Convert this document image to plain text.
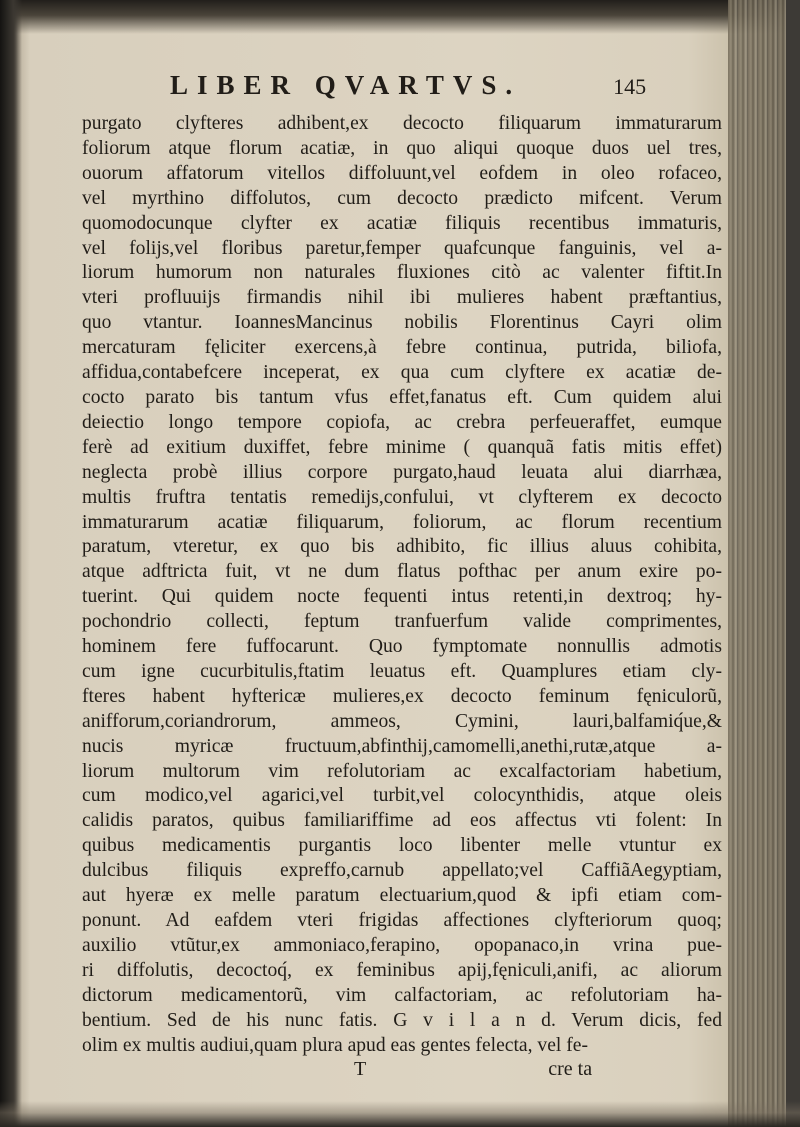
LIBER QVARTVS.	145
purgato clyfteres adhibent,ex decocto filiquarum immaturarum
foliorum atque florum acatiæ, in quo aliqui quoque duos uel tres,
ouorum affatorum vitellos diffoluunt,vel eofdem in oleo rofaceo,
vel myrthino diffolutos, cum decocto prædicto mifcent. Verum
quomodocunque clyfter ex acatiæ filiquis recentibus immaturis,
vel folijs,vel floribus paretur,femper quafcunque fanguinis, vel a-
liorum humorum non naturales fluxiones citò ac valenter fiftit.In
vteri profluuijs firmandis nihil ibi mulieres habent præftantius,
quo vtantur. IoannesMancinus nobilis Florentinus Cayri olim
mercaturam fęliciter exercens,à febre continua, putrida, biliofa,
affidua,contabefcere inceperat, ex qua cum clyftere ex acatiæ de-
cocto parato bis tantum vfus effet,fanatus eft. Cum quidem alui
deiectio longo tempore copiofa, ac crebra perfeueraffet, eumque
ferè ad exitium duxiffet, febre minime ( quanquã fatis mitis effet)
neglecta probè illius corpore purgato,haud leuata alui diarrhæa,
multis fruftra tentatis remedijs,confului, vt clyfterem ex decocto
immaturarum acatiæ filiquarum, foliorum, ac florum recentium
paratum, vteretur, ex quo bis adhibito, fic illius aluus cohibita,
atque adftricta fuit, vt ne dum flatus pofthac per anum exire po-
tuerint. Qui quidem nocte fequenti intus retenti,in dextroq; hy-
pochondrio collecti, feptum tranfuerfum valide comprimentes,
hominem fere fuffocarunt. Quo fymptomate nonnullis admotis
cum igne cucurbitulis,ftatim leuatus eft. Quamplures etiam cly-
fteres habent hyftericæ mulieres,ex decocto feminum fęniculorũ,
anifforum,coriandrorum, ammeos, Cymini, lauri,balfamiq́ue,&
nucis myricæ fructuum,abfinthij,camomelli,anethi,rutæ,atque a-
liorum multorum vim refolutoriam ac excalfactoriam habetium,
cum modico,vel agarici,vel turbit,vel colocynthidis, atque oleis
calidis paratos, quibus familiariffime ad eos affectus vti folent: In
quibus medicamentis purgantis loco libenter melle vtuntur ex
dulcibus filiquis expreffo,carnub appellato;vel CaffiãAegyptiam,
aut hyeræ ex melle paratum electuarium,quod & ipfi etiam com-
ponunt. Ad eafdem vteri frigidas affectiones clyfteriorum quoq;
auxilio vtũtur,ex ammoniaco,ferapino, opopanaco,in vrina pue-
ri diffolutis, decoctoq́, ex feminibus apij,fęniculi,anifi, ac aliorum
dictorum medicamentorũ, vim calfactoriam, ac refolutoriam ha-
bentium. Sed de his nunc fatis. G v i l a n d. Verum dicis, fed
olim ex multis audiui,quam plura apud eas gentes felecta, vel fe-
T	cre ta
